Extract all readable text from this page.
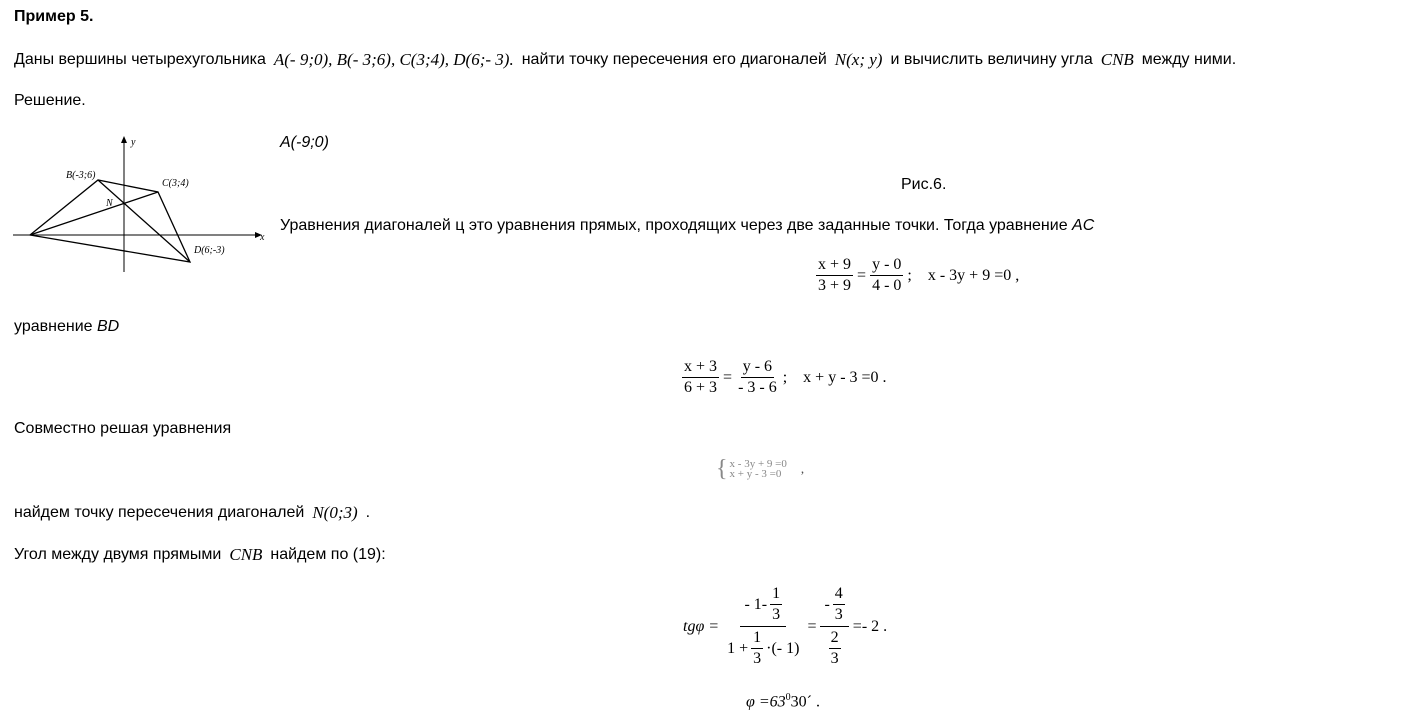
Пример 5.
Даны вершины четырехугольника A(- 9;0), B(- 3;6), C(3;4), D(6;- 3). найти точку пересечения его диагоналей N(x; y) и вычислить величину угла CNB между ними.
Решение.
x
y
B(-3;6)
C(3;4)
D(6;-3)
N
A(-9;0)
Рис.6.
Уравнения диагоналей ц это уравнения прямых, проходящих через две заданные точки. Тогда уравнение AC
$\frac{x + 9}{3 + 9} = \frac{y - 0}{4 - 0}$ ; x - 3y + 9 =0 ,
уравнение BD
$\frac{x + 3}{6 + 3} = \frac{y - 6}{- 3 - 6}$ ; x + y - 3 =0 .
Совместно решая уравнения
{ x - 3y + 9 =0
x + y - 3 =0	,
найдем точку пересечения диагоналей N(0;3) .
Угол между двумя прямыми CNB найдем по (19):
$tg\varphi = \frac{- 1- \frac{1}{3}}{1 + \frac{1}{3} \cdot(- 1)} = \frac{- \frac{4}{3}}{\frac{2}{3}} =- 2$ .
$\varphi =63^030´$ .
